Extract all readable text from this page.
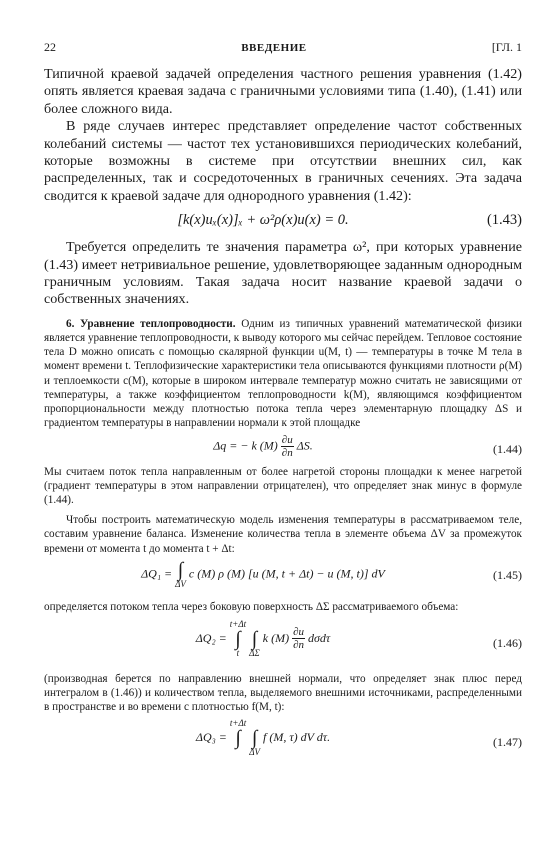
22	ВВЕДЕНИЕ	[ГЛ. 1

Типичной краевой задачей определения частного решения уравнения (1.42) опять является краевая задача с граничными условиями типа (1.40), (1.41) или более сложного вида.

В ряде случаев интерес представляет определение частот собственных колебаний системы — частот тех установившихся периодических колебаний, которые возможны в системе при отсутствии внешних сил, как распределенных, так и сосредоточенных в граничных сечениях. Эта задача сводится к краевой задаче для однородного уравнения (1.42):

[k(x)uₓ(x)]ₓ + ω²ρ(x)u(x) = 0.	(1.43)

Требуется определить те значения параметра ω², при которых уравнение (1.43) имеет нетривиальное решение, удовлетворяющее заданным однородным граничным условиям. Такая задача носит название краевой задачи о собственных значениях.

6. Уравнение теплопроводности. Одним из типичных уравнений математической физики является уравнение теплопроводности, к выводу которого мы сейчас перейдем. Тепловое состояние тела D можно описать с помощью скалярной функции u(M, t) — температуры в точке M тела в момент времени t. Теплофизические характеристики тела описываются функциями плотности ρ(M) и теплоемкости c(M), которые в широком интервале температур можно считать не зависящими от температуры, а также коэффициентом теплопроводности k(M), являющимся коэффициентом пропорциональности между плотностью потока тепла через элементарную площадку ΔS и градиентом температуры в направлении нормали к этой площадке

Δq = − k $(M) \frac{\partial u}{\partial n} \Delta S$.	(1.44)

Мы считаем поток тепла направленным от более нагретой стороны площадки к менее нагретой (градиент температуры в этом направлении отрицателен), что определяет знак минус в формуле (1.44).

Чтобы построить математическую модель изменения температуры в рассматриваемом теле, составим уравнение баланса. Изменение количества тепла в элементе объема ΔV за промежуток времени от момента t до момента t + Δt:

ΔQ₁ = ∫
ΔV
c (M) ρ (M) [u (M, t + Δt) − u (M, t)] dV	(1.45)

определяется потоком тепла через боковую поверхность ΔΣ рассматриваемого объема:

ΔQ₂ =
t+Δt
∫
t

∫
ΔΣ
k $(M) \frac{\partial u}{\partial n}$ dσdτ	(1.46)

(производная берется по направлению внешней нормали, что определяет знак плюс перед интегралом в (1.46)) и количеством тепла, выделяемого внешними источниками, распределенными в пространстве и во времени с плотностью f(M, t):

ΔQ₃ =
t+Δt
∫

∫
ΔV
f (M, τ) dV dτ.	(1.47)
